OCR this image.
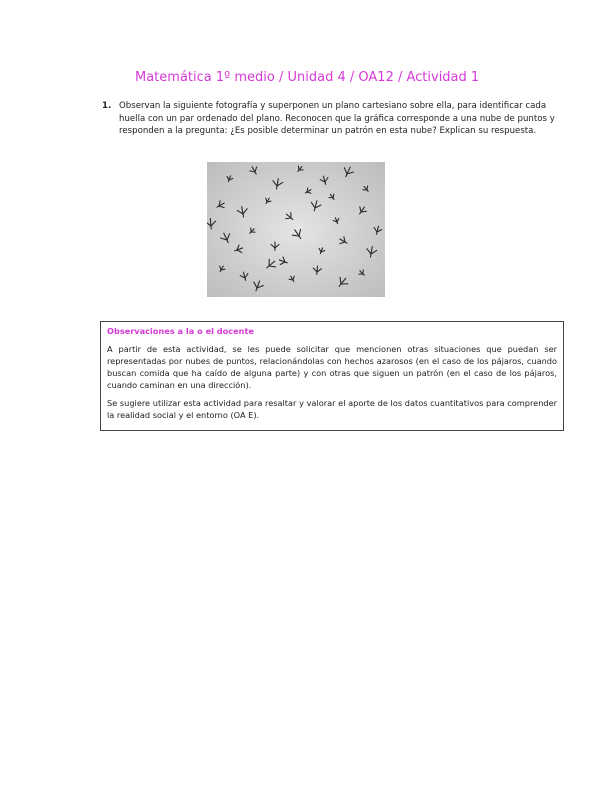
Matemática 1º medio / Unidad 4 / OA12 / Actividad 1
1. Observan la siguiente fotografía y superponen un plano cartesiano sobre ella, para identificar cada huella con un par ordenado del plano. Reconocen que la gráfica corresponde a una nube de puntos y responden a la pregunta: ¿Es posible determinar un patrón en esta nube? Explican su respuesta.
Observaciones a la o el docente

A partir de esta actividad, se les puede solicitar que mencionen otras situaciones que puedan ser representadas por nubes de puntos, relacionándolas con hechos azarosos (en el caso de los pájaros, cuando buscan comida que ha caído de alguna parte) y con otras que siguen un patrón (en el caso de los pájaros, cuando caminan en una dirección).

Se sugiere utilizar esta actividad para resaltar y valorar el aporte de los datos cuantitativos para comprender la realidad social y el entorno (OA E).
